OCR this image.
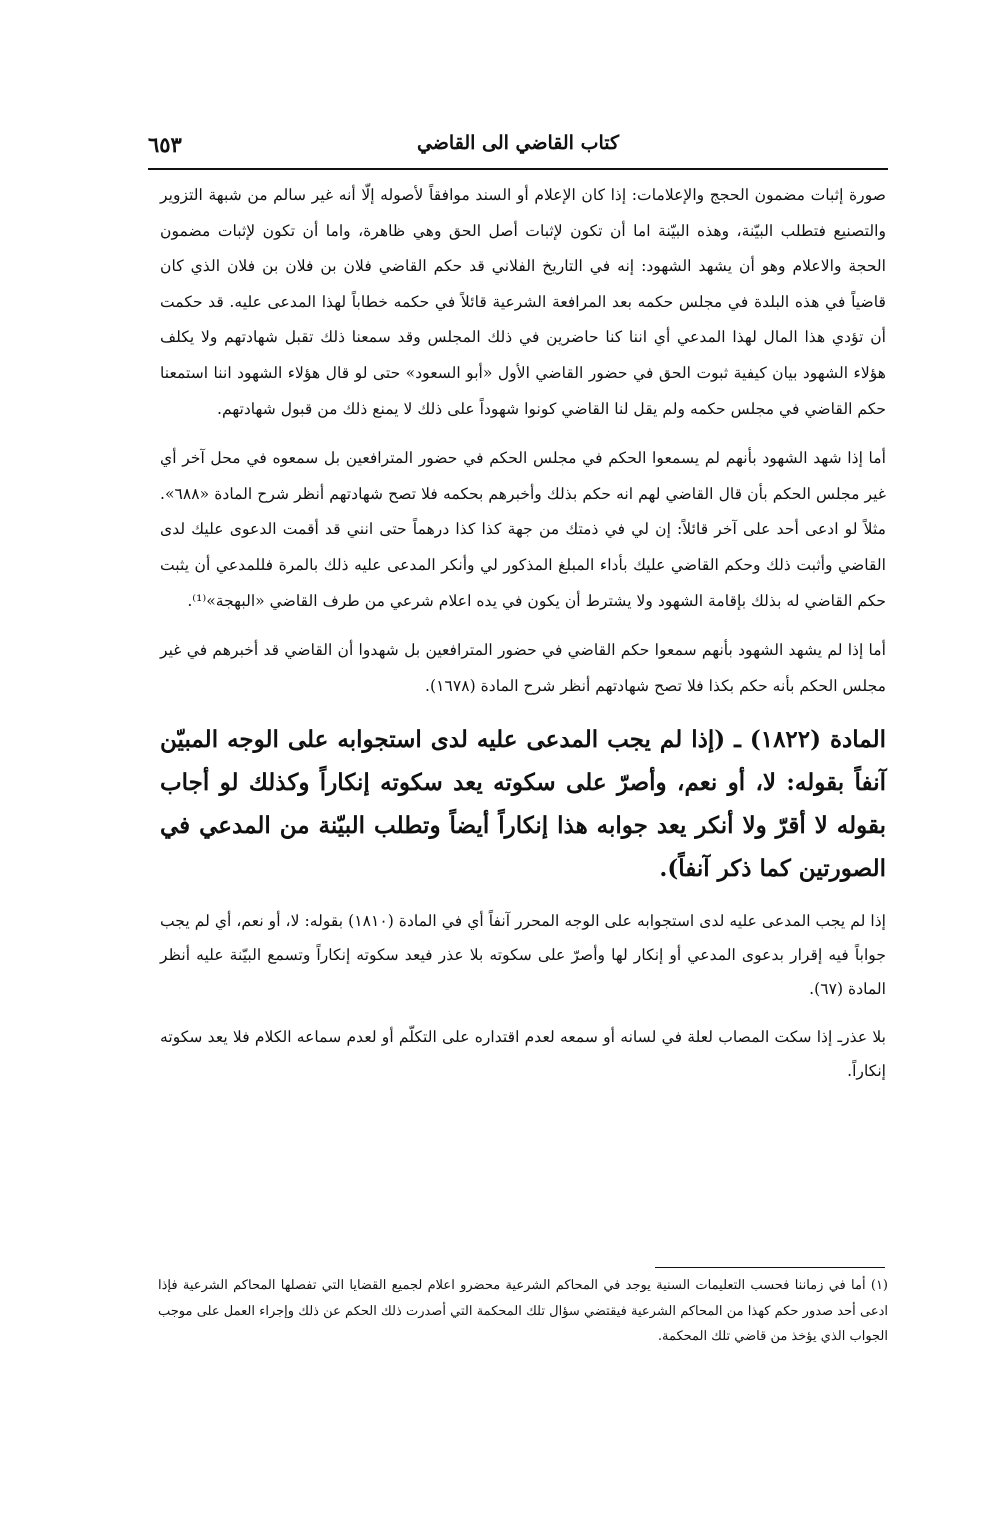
كتاب القاضي الى القاضي
٦٥٣

صورة إثبات مضمون الحجج والإعلامات: إذا كان الإعلام أو السند موافقاً لأصوله إلّا أنه غير سالم من شبهة التزوير والتصنيع فتطلب البيّنة، وهذه البيّنة اما أن تكون لإثبات أصل الحق وهي ظاهرة، واما أن تكون لإثبات مضمون الحجة والاعلام وهو أن يشهد الشهود: إنه في التاريخ الفلاني قد حكم القاضي فلان بن فلان بن فلان الذي كان قاضياً في هذه البلدة في مجلس حكمه بعد المرافعة الشرعية قائلاً في حكمه خطاباً لهذا المدعى عليه. قد حكمت أن تؤدي هذا المال لهذا المدعي أي اننا كنا حاضرين في ذلك المجلس وقد سمعنا ذلك تقبل شهادتهم ولا يكلف هؤلاء الشهود بيان كيفية ثبوت الحق في حضور القاضي الأول «أبو السعود» حتى لو قال هؤلاء الشهود اننا استمعنا حكم القاضي في مجلس حكمه ولم يقل لنا القاضي كونوا شهوداً على ذلك لا يمنع ذلك من قبول شهادتهم.

أما إذا شهد الشهود بأنهم لم يسمعوا الحكم في مجلس الحكم في حضور المترافعين بل سمعوه في محل آخر أي غير مجلس الحكم بأن قال القاضي لهم انه حكم بذلك وأخبرهم بحكمه فلا تصح شهادتهم أنظر شرح المادة «٦٨٨». مثلاً لو ادعى أحد على آخر قائلاً: إن لي في ذمتك من جهة كذا كذا درهماً حتى انني قد أقمت الدعوى عليك لدى القاضي وأثبت ذلك وحكم القاضي عليك بأداء المبلغ المذكور لي وأنكر المدعى عليه ذلك بالمرة فللمدعي أن يثبت حكم القاضي له بذلك بإقامة الشهود ولا يشترط أن يكون في يده اعلام شرعي من طرف القاضي «البهجة»⁽¹⁾.

أما إذا لم يشهد الشهود بأنهم سمعوا حكم القاضي في حضور المترافعين بل شهدوا أن القاضي قد أخبرهم في غير مجلس الحكم بأنه حكم بكذا فلا تصح شهادتهم أنظر شرح المادة (١٦٧٨).

المادة (١٨٢٢) ـ (إذا لم يجب المدعى عليه لدى استجوابه على الوجه المبيّن آنفاً بقوله: لا، أو نعم، وأصرّ على سكوته يعد سكوته إنكاراً وكذلك لو أجاب بقوله لا أقرّ ولا أنكر يعد جوابه هذا إنكاراً أيضاً وتطلب البيّنة من المدعي في الصورتين كما ذكر آنفاً).

إذا لم يجب المدعى عليه لدى استجوابه على الوجه المحرر آنفاً أي في المادة (١٨١٠) بقوله: لا، أو نعم، أي لم يجب جواباً فيه إقرار بدعوى المدعي أو إنكار لها وأصرّ على سكوته بلا عذر فيعد سكوته إنكاراً وتسمع البيّنة عليه أنظر المادة (٦٧).

بلا عذرـ إذا سكت المصاب لعلة في لسانه أو سمعه لعدم اقتداره على التكلّم أو لعدم سماعه الكلام فلا يعد سكوته إنكاراً.

(١) أما في زماننا فحسب التعليمات السنية يوجد في المحاكم الشرعية محضرو اعلام لجميع القضايا التي تفصلها المحاكم الشرعية فإذا ادعى أحد صدور حكم كهذا من المحاكم الشرعية فيقتضي سؤال تلك المحكمة التي أصدرت ذلك الحكم عن ذلك وإجراء العمل على موجب الجواب الذي يؤخذ من قاضي تلك المحكمة.
